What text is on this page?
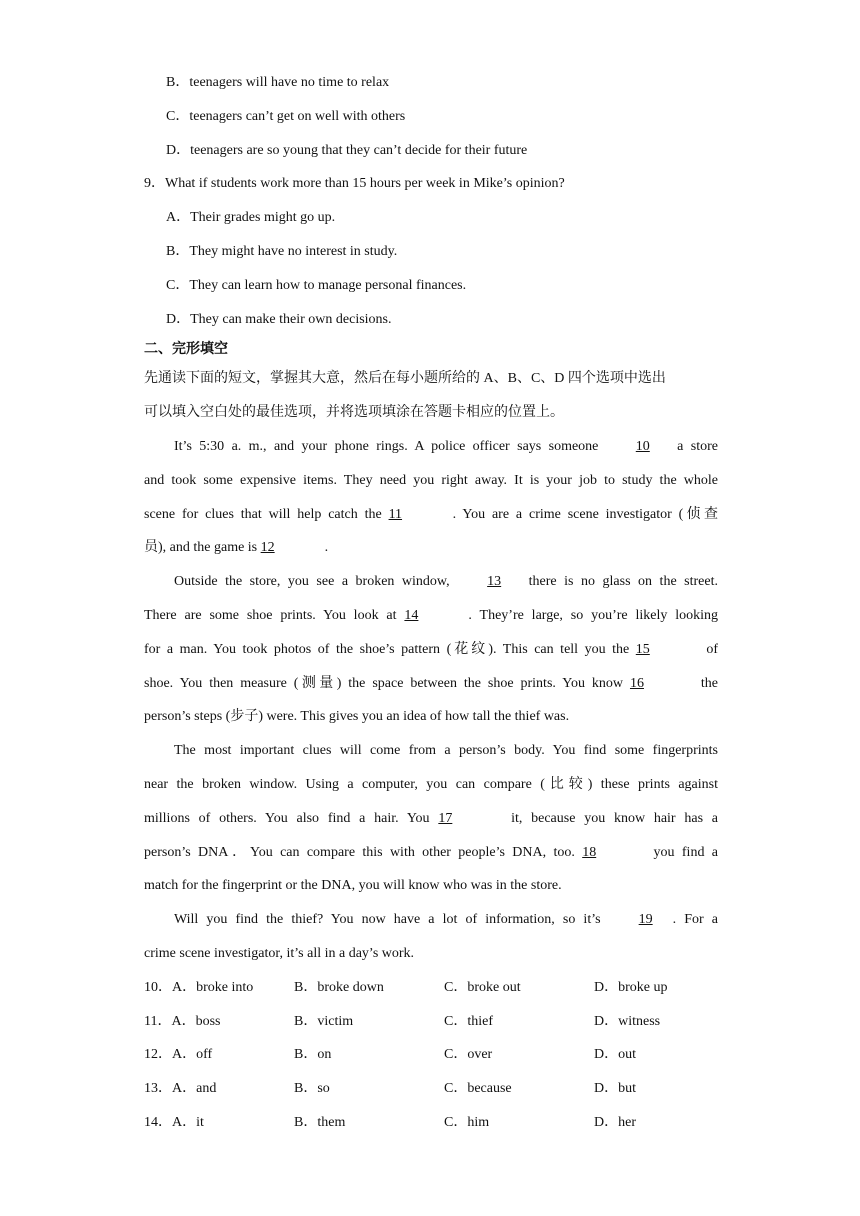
B．teenagers will have no time to relax
C．teenagers can’t get on well with others
D．teenagers are so young that they can’t decide for their future
9．What if students work more than 15 hours per week in Mike’s opinion?
A．Their grades might go up.
B．They might have no interest in study.
C．They can learn how to manage personal finances.
D．They can make their own decisions.
二、完形填空
先通读下面的短文，掌握其大意，然后在每小题所给的 A、B、C、D 四个选项中选出
可以填入空白处的最佳选项，并将选项填涂在答题卡相应的位置上。
It’s 5:30 a. m., and your phone rings. A police officer says someone 10 a store
and took some expensive items. They need you right away. It is your job to study the whole
scene for clues that will help catch the 11	. You are a crime scene investigator (侦查
员), and the game is 12	.
Outside the store, you see a broken window, 13 there is no glass on the street.
There are some shoe prints. You look at 14	. They’re large, so you’re likely looking
for a man. You took photos of the shoe’s pattern (花纹). This can tell you the 15	of
shoe. You then measure (测量) the space between the shoe prints. You know 16	the
person’s steps (步子) were. This gives you an idea of how tall the thief was.
The most important clues will come from a person’s body. You find some fingerprints
near the broken window. Using a computer, you can compare (比较) these prints against
millions of others. You also find a hair. You 17	it, because you know hair has a
person’s DNA．You can compare this with other people’s DNA, too. 18	you find a
match for the fingerprint or the DNA, you will know who was in the store.
Will you find the thief? You now have a lot of information, so it’s 19 . For a
crime scene investigator, it’s all in a day’s work.
10．A．broke into	B．broke down	C．broke out	D．broke up
11．A．boss	B．victim	C．thief	D．witness
12．A．off	B．on	C．over	D．out
13．A．and	B．so	C．because	D．but
14．A．it	B．them	C．him	D．her
